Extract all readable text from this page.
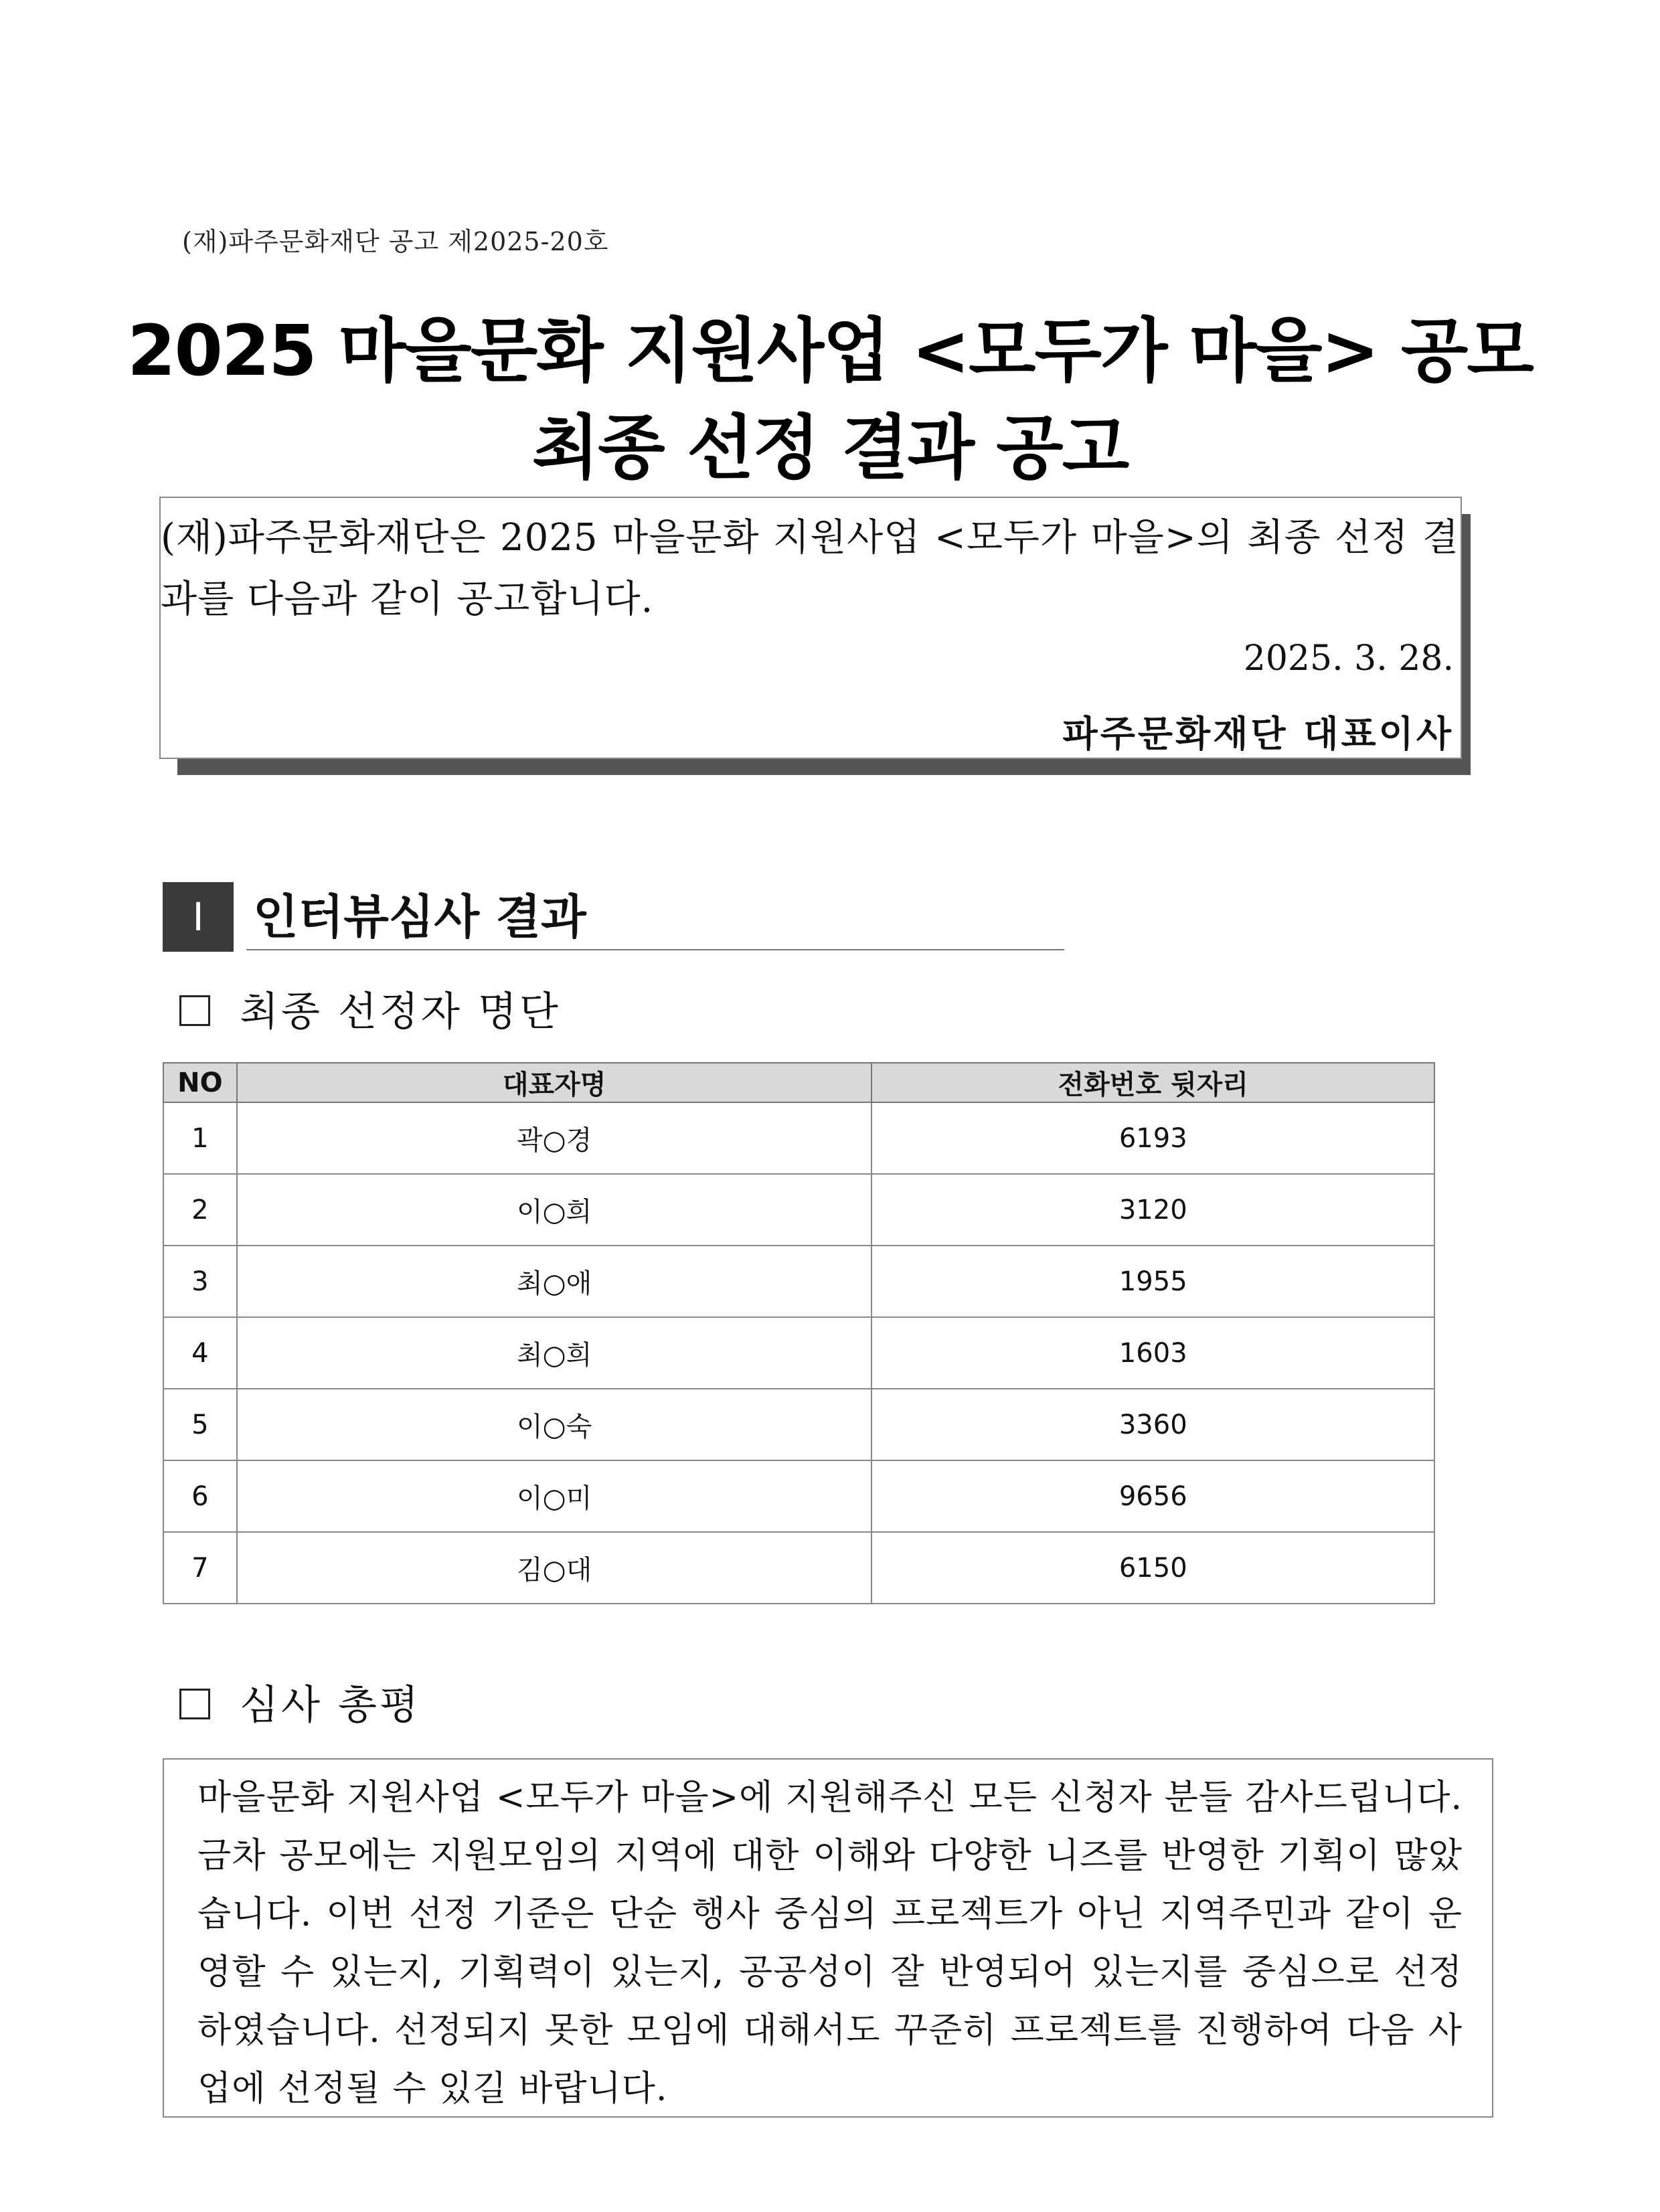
(재)파주문화재단 공고 제2025-20호
2025 마을문화 지원사업 <모두가 마을> 공모
최종 선정 결과 공고
(재)파주문화재단은 2025 마을문화 지원사업 <모두가 마을>의 최종 선정 결과를 다음과 같이 공고합니다.
2025. 3. 28.
파주문화재단 대표이사
Ⅰ	인터뷰심사 결과
최종 선정자 명단
NO	대표자명	전화번호 뒷자리
1	곽○경	6193
2	이○희	3120
3	최○애	1955
4	최○희	1603
5	이○숙	3360
6	이○미	9656
7	김○대	6150
심사 총평
마을문화 지원사업 <모두가 마을>에 지원해주신 모든 신청자 분들 감사드립니다. 금차 공모에는 지원모임의 지역에 대한 이해와 다양한 니즈를 반영한 기획이 많았습니다. 이번 선정 기준은 단순 행사 중심의 프로젝트가 아닌 지역주민과 같이 운영할 수 있는지, 기획력이 있는지, 공공성이 잘 반영되어 있는지를 중심으로 선정하였습니다. 선정되지 못한 모임에 대해서도 꾸준히 프로젝트를 진행하여 다음 사업에 선정될 수 있길 바랍니다.
